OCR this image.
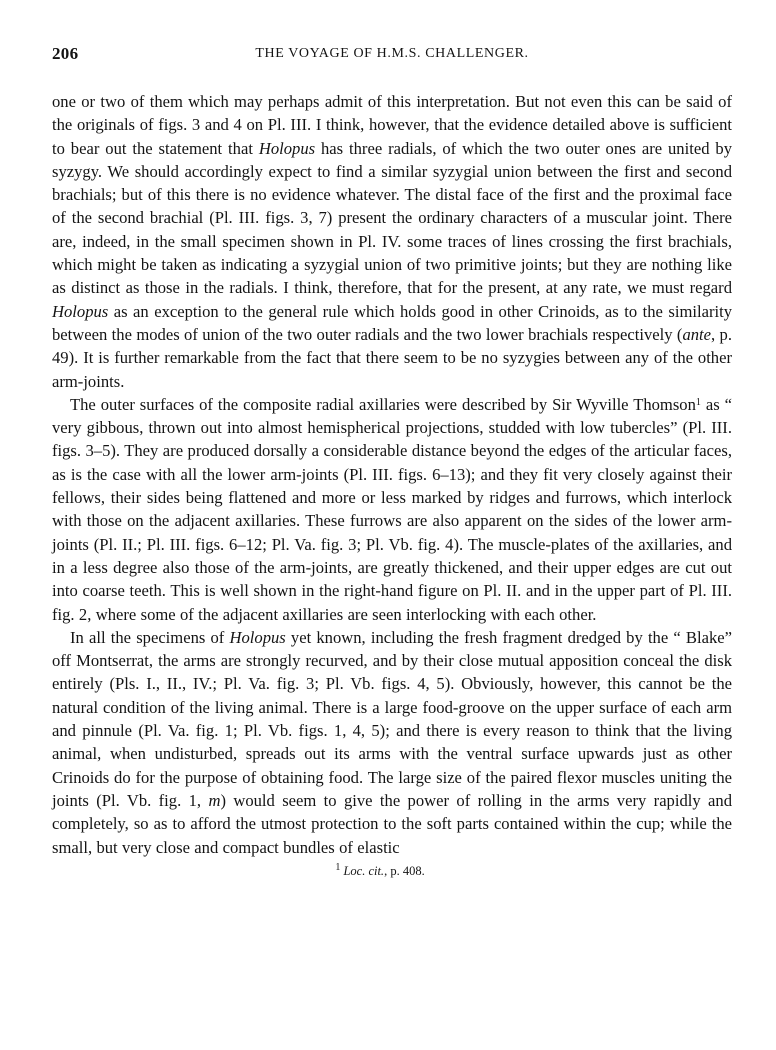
206	THE VOYAGE OF H.M.S. CHALLENGER.

one or two of them which may perhaps admit of this interpretation. But not even this can be said of the originals of figs. 3 and 4 on Pl. III. I think, however, that the evidence detailed above is sufficient to bear out the statement that Holopus has three radials, of which the two outer ones are united by syzygy. We should accordingly expect to find a similar syzygial union between the first and second brachials; but of this there is no evidence whatever. The distal face of the first and the proximal face of the second brachial (Pl. III. figs. 3, 7) present the ordinary characters of a muscular joint. There are, indeed, in the small specimen shown in Pl. IV. some traces of lines crossing the first brachials, which might be taken as indicating a syzygial union of two primitive joints; but they are nothing like as distinct as those in the radials. I think, therefore, that for the present, at any rate, we must regard Holopus as an exception to the general rule which holds good in other Crinoids, as to the similarity between the modes of union of the two outer radials and the two lower brachials respectively (ante, p. 49). It is further remarkable from the fact that there seem to be no syzygies between any of the other arm-joints.

The outer surfaces of the composite radial axillaries were described by Sir Wyville Thomson$^1$ as “ very gibbous, thrown out into almost hemispherical projections, studded with low tubercles” (Pl. III. figs. 3–5). They are produced dorsally a considerable distance beyond the edges of the articular faces, as is the case with all the lower arm-joints (Pl. III. figs. 6–13); and they fit very closely against their fellows, their sides being flattened and more or less marked by ridges and furrows, which interlock with those on the adjacent axillaries. These furrows are also apparent on the sides of the lower arm-joints (Pl. II.; Pl. III. figs. 6–12; Pl. Va. fig. 3; Pl. Vb. fig. 4). The muscle-plates of the axillaries, and in a less degree also those of the arm-joints, are greatly thickened, and their upper edges are cut out into coarse teeth. This is well shown in the right-hand figure on Pl. II. and in the upper part of Pl. III. fig. 2, where some of the adjacent axillaries are seen interlocking with each other.

In all the specimens of Holopus yet known, including the fresh fragment dredged by the “ Blake” off Montserrat, the arms are strongly recurved, and by their close mutual apposition conceal the disk entirely (Pls. I., II., IV.; Pl. Va. fig. 3; Pl. Vb. figs. 4, 5). Obviously, however, this cannot be the natural condition of the living animal. There is a large food-groove on the upper surface of each arm and pinnule (Pl. Va. fig. 1; Pl. Vb. figs. 1, 4, 5); and there is every reason to think that the living animal, when undisturbed, spreads out its arms with the ventral surface upwards just as other Crinoids do for the purpose of obtaining food. The large size of the paired flexor muscles uniting the joints (Pl. Vb. fig. 1, m) would seem to give the power of rolling in the arms very rapidly and completely, so as to afford the utmost protection to the soft parts contained within the cup; while the small, but very close and compact bundles of elastic

$^1$ Loc. cit., p. 408.
